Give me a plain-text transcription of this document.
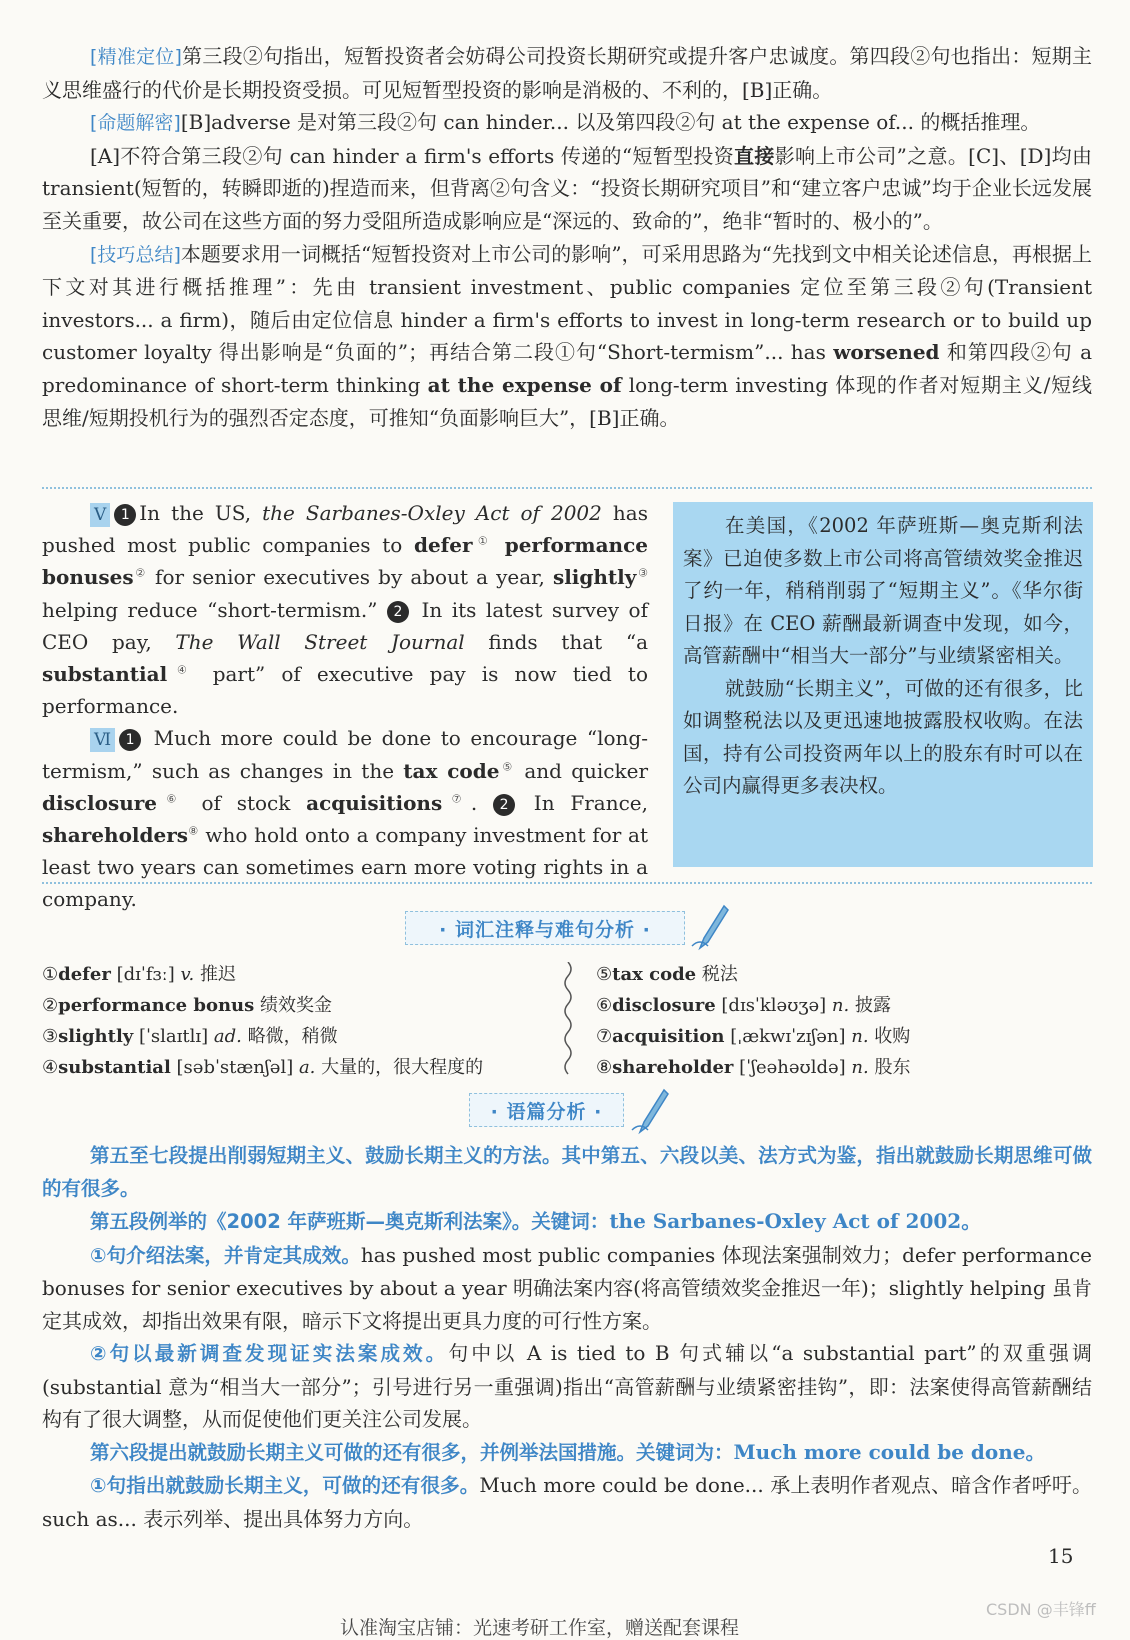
[精准定位]第三段②句指出，短暂投资者会妨碍公司投资长期研究或提升客户忠诚度。第四段②句也指出：短期主义思维盛行的代价是长期投资受损。可见短暂型投资的影响是消极的、不利的，[B]正确。

[命题解密][B]adverse 是对第三段②句 can hinder... 以及第四段②句 at the expense of... 的概括推理。

[A]不符合第三段②句 can hinder a firm's efforts 传递的“短暂型投资直接影响上市公司”之意。[C]、[D]均由 transient(短暂的，转瞬即逝的)捏造而来，但背离②句含义：“投资长期研究项目”和“建立客户忠诚”均于企业长远发展至关重要，故公司在这些方面的努力受阻所造成影响应是“深远的、致命的”，绝非“暂时的、极小的”。

[技巧总结]本题要求用一词概括“短暂投资对上市公司的影响”，可采用思路为“先找到文中相关论述信息，再根据上下文对其进行概括推理”：先由 transient investment、public companies 定位至第三段②句(Transient investors... a firm)，随后由定位信息 hinder a firm's efforts to invest in long-term research or to build up customer loyalty 得出影响是“负面的”；再结合第二段①句“Short-termism”... has worsened 和第四段②句 a predominance of short-term thinking at the expense of long-term investing 体现的作者对短期主义/短线思维/短期投机行为的强烈否定态度，可推知“负面影响巨大”，[B]正确。

V 1 In the US, the Sarbanes-Oxley Act of 2002 has pushed most public companies to defer① performance bonuses② for senior executives by about a year, slightly③ helping reduce “short-termism.” 2 In its latest survey of CEO pay, The Wall Street Journal finds that “a substantial④ part” of executive pay is now tied to performance.

Ⅵ 1 Much more could be done to encourage “long-termism,” such as changes in the tax code⑤ and quicker disclosure⑥ of stock acquisitions⑦. 2 In France, shareholders⑧ who hold onto a company investment for at least two years can sometimes earn more voting rights in a company.

在美国，《2002 年萨班斯—奥克斯利法案》已迫使多数上市公司将高管绩效奖金推迟了约一年，稍稍削弱了“短期主义”。《华尔街日报》在 CEO 薪酬最新调查中发现，如今，高管薪酬中“相当大一部分”与业绩紧密相关。

就鼓励“长期主义”，可做的还有很多，比如调整税法以及更迅速地披露股权收购。在法国，持有公司投资两年以上的股东有时可以在公司内赢得更多表决权。

· 词汇注释与难句分析 ·
①defer [dɪˈfɜː] v. 推迟
②performance bonus 绩效奖金
③slightly [ˈslaɪtlɪ] ad. 略微，稍微
④substantial [səbˈstænʃəl] a. 大量的，很大程度的
⑤tax code 税法
⑥disclosure [dɪsˈkləʊʒə] n. 披露
⑦acquisition [ˌækwɪˈzɪʃən] n. 收购
⑧shareholder [ˈʃeəhəʊldə] n. 股东
· 语篇分析 ·

第五至七段提出削弱短期主义、鼓励长期主义的方法。其中第五、六段以美、法方式为鉴，指出就鼓励长期思维可做的有很多。

第五段例举的《2002 年萨班斯—奥克斯利法案》。关键词：the Sarbanes-Oxley Act of 2002。

①句介绍法案，并肯定其成效。has pushed most public companies 体现法案强制效力；defer performance bonuses for senior executives by about a year 明确法案内容(将高管绩效奖金推迟一年)；slightly helping 虽肯定其成效，却指出效果有限，暗示下文将提出更具力度的可行性方案。

②句以最新调查发现证实法案成效。句中以 A is tied to B 句式辅以“a substantial part”的双重强调(substantial 意为“相当大一部分”；引号进行另一重强调)指出“高管薪酬与业绩紧密挂钩”，即：法案使得高管薪酬结构有了很大调整，从而促使他们更关注公司发展。

第六段提出就鼓励长期主义可做的还有很多，并例举法国措施。关键词为：Much more could be done。

①句指出就鼓励长期主义，可做的还有很多。Much more could be done... 承上表明作者观点、暗含作者呼吁。such as... 表示列举、提出具体努力方向。

15
CSDN @丰锋ff
认准淘宝店铺：光速考研工作室，赠送配套课程
